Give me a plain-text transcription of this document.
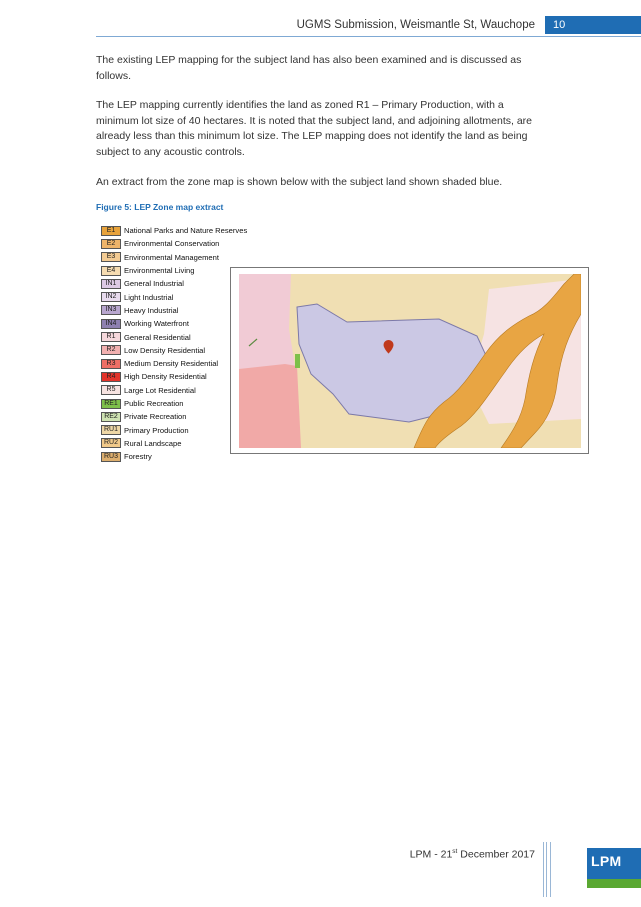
UGMS Submission, Weismantle St, Wauchope	10

The existing LEP mapping for the subject land has also been examined and is discussed as follows.

The LEP mapping currently identifies the land as zoned R1 – Primary Production, with a minimum lot size of 40 hectares. It is noted that the subject land, and adjoining allotments, are already less than this minimum lot size. The LEP mapping does not identify the land as being subject to any acoustic controls.

An extract from the zone map is shown below with the subject land shown shaded blue.

Figure 5: LEP Zone map extract
E1	National Parks and Nature Reserves
E2	Environmental Conservation
E3	Environmental Management
E4	Environmental Living
IN1 General Industrial
IN2 Light Industrial
IN3 Heavy Industrial
IN4 Working Waterfront
R1	General Residential
R2	Low Density Residential
R3	Medium Density Residential
R4	High Density Residential
R5	Large Lot Residential
RE1 Public Recreation
RE2 Private Recreation
RU1 Primary Production
RU2 Rural Landscape
RU3 Forestry
LPM - 21st December 2017	LPM
